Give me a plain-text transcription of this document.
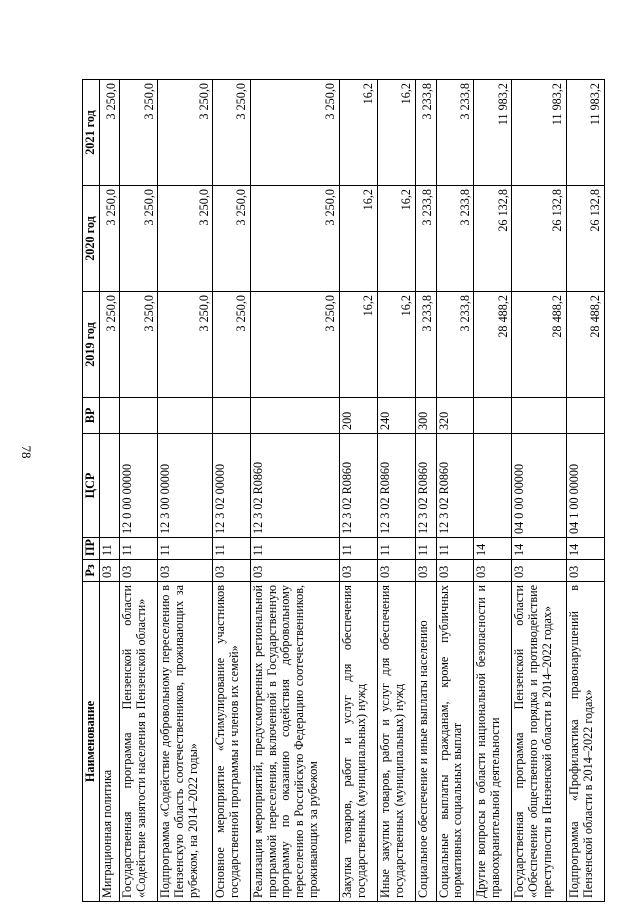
78
Наименование	Рз	ПР	ЦСР	ВР	2019 год	2020 год	2021 год
Миграционная политика	03	11			3 250,0	3 250,0	3 250,0
Государственная программа Пензенской области «Содействие занятости населения в Пензенской области»	03	11	12 0 00 00000		3 250,0	3 250,0	3 250,0
Подпрограмма «Содействие добровольному переселению в Пензенскую область соотечественников, проживающих за рубежом, на 2014–2022 годы»	03	11	12 3 00 00000		3 250,0	3 250,0	3 250,0
Основное мероприятие «Стимулирование участников государственной программы и членов их семей»	03	11	12 3 02 00000		3 250,0	3 250,0	3 250,0
Реализация мероприятий, предусмотренных региональной программой переселения, включенной в Государственную программу по оказанию содействия добровольному переселению в Российскую Федерацию соотечественников, проживающих за рубежом	03	11	12 3 02 R0860		3 250,0	3 250,0	3 250,0
Закупка товаров, работ и услуг для обеспечения государственных (муниципальных) нужд	03	11	12 3 02 R0860	200	16,2	16,2	16,2
Иные закупки товаров, работ и услуг для обеспечения государственных (муниципальных) нужд	03	11	12 3 02 R0860	240	16,2	16,2	16,2
Социальное обеспечение и иные выплаты населению	03	11	12 3 02 R0860	300	3 233,8	3 233,8	3 233,8
Социальные выплаты гражданам, кроме публичных нормативных социальных выплат	03	11	12 3 02 R0860	320	3 233,8	3 233,8	3 233,8
Другие вопросы в области национальной безопасности и правоохранительной деятельности	03	14			28 488,2	26 132,8	11 983,2
Государственная программа Пензенской области «Обеспечение общественного порядка и противодействие преступности в Пензенской области в 2014–2022 годах»	03	14	04 0 00 00000		28 488,2	26 132,8	11 983,2
Подпрограмма «Профилактика правонарушений в Пензенской области в 2014–2022 годах»	03	14	04 1 00 00000		28 488,2	26 132,8	11 983,2
